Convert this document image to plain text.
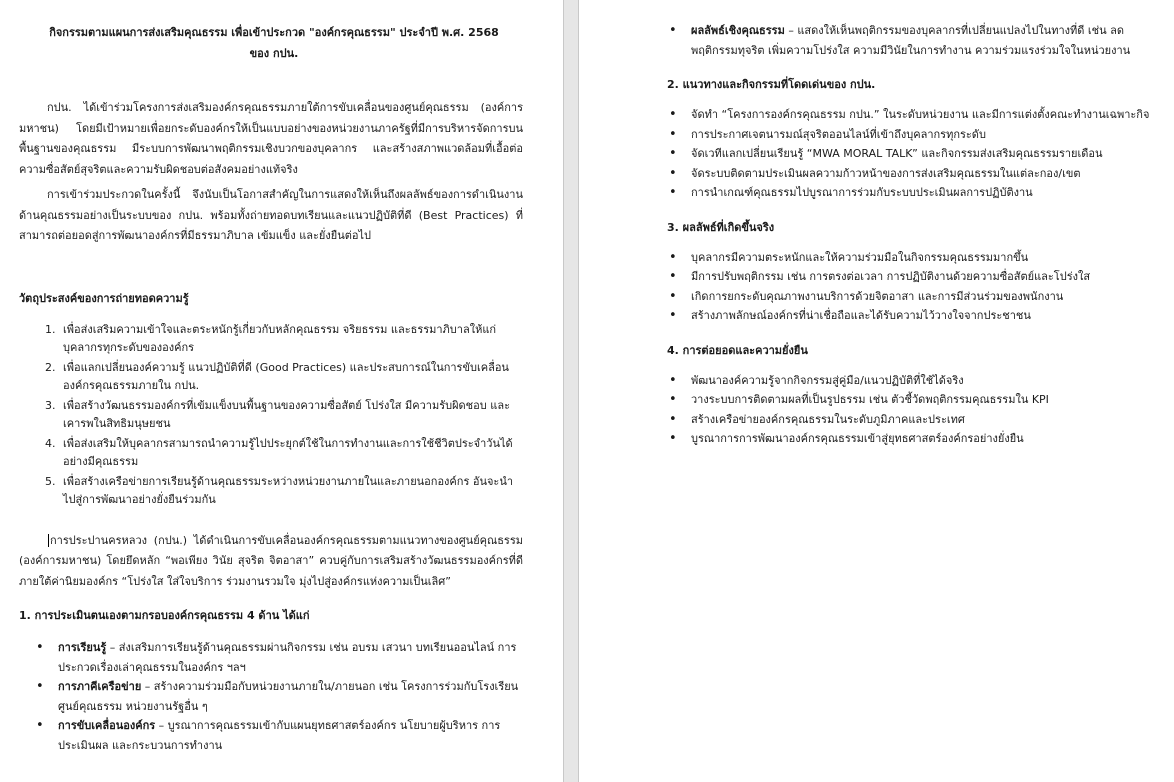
กิจกรรมตามแผนการส่งเสริมคุณธรรม เพื่อเข้าประกวด "องค์กรคุณธรรม" ประจำปี พ.ศ. 2568
ของ กปน.

กปน. ได้เข้าร่วมโครงการส่งเสริมองค์กรคุณธรรมภายใต้การขับเคลื่อนของศูนย์คุณธรรม (องค์การมหาชน) โดยมีเป้าหมายเพื่อยกระดับองค์กรให้เป็นแบบอย่างของหน่วยงานภาครัฐที่มีการบริหารจัดการบนพื้นฐานของคุณธรรม มีระบบการพัฒนาพฤติกรรมเชิงบวกของบุคลากร และสร้างสภาพแวดล้อมที่เอื้อต่อความซื่อสัตย์สุจริตและความรับผิดชอบต่อสังคมอย่างแท้จริง

การเข้าร่วมประกวดในครั้งนี้ จึงนับเป็นโอกาสสำคัญในการแสดงให้เห็นถึงผลลัพธ์ของการดำเนินงานด้านคุณธรรมอย่างเป็นระบบของ กปน. พร้อมทั้งถ่ายทอดบทเรียนและแนวปฏิบัติที่ดี (Best Practices) ที่สามารถต่อยอดสู่การพัฒนาองค์กรที่มีธรรมาภิบาล เข้มแข็ง และยั่งยืนต่อไป

วัตถุประสงค์ของการถ่ายทอดความรู้
1. เพื่อส่งเสริมความเข้าใจและตระหนักรู้เกี่ยวกับหลักคุณธรรม จริยธรรม และธรรมาภิบาลให้แก่บุคลากรทุกระดับขององค์กร
2. เพื่อแลกเปลี่ยนองค์ความรู้ แนวปฏิบัติที่ดี (Good Practices) และประสบการณ์ในการขับเคลื่อนองค์กรคุณธรรมภายใน กปน.
3. เพื่อสร้างวัฒนธรรมองค์กรที่เข้มแข็งบนพื้นฐานของความซื่อสัตย์ โปร่งใส มีความรับผิดชอบ และเคารพในสิทธิมนุษยชน
4. เพื่อส่งเสริมให้บุคลากรสามารถนำความรู้ไปประยุกต์ใช้ในการทำงานและการใช้ชีวิตประจำวันได้อย่างมีคุณธรรม
5. เพื่อสร้างเครือข่ายการเรียนรู้ด้านคุณธรรมระหว่างหน่วยงานภายในและภายนอกองค์กร อันจะนำไปสู่การพัฒนาอย่างยั่งยืนร่วมกัน

การประปานครหลวง (กปน.) ได้ดำเนินการขับเคลื่อนองค์กรคุณธรรมตามแนวทางของศูนย์คุณธรรม (องค์การมหาชน) โดยยึดหลัก “พอเพียง วินัย สุจริต จิตอาสา” ควบคู่กับการเสริมสร้างวัฒนธรรมองค์กรที่ดี ภายใต้ค่านิยมองค์กร “โปร่งใส ใส่ใจบริการ ร่วมงานรวมใจ มุ่งไปสู่องค์กรแห่งความเป็นเลิศ”

1. การประเมินตนเองตามกรอบองค์กรคุณธรรม 4 ด้าน ได้แก่
• การเรียนรู้ – ส่งเสริมการเรียนรู้ด้านคุณธรรมผ่านกิจกรรม เช่น อบรม เสวนา บทเรียนออนไลน์ การประกวดเรื่องเล่าคุณธรรมในองค์กร ฯลฯ
• การภาคีเครือข่าย – สร้างความร่วมมือกับหน่วยงานภายใน/ภายนอก เช่น โครงการร่วมกับโรงเรียน ศูนย์คุณธรรม หน่วยงานรัฐอื่น ๆ
• การขับเคลื่อนองค์กร – บูรณาการคุณธรรมเข้ากับแผนยุทธศาสตร์องค์กร นโยบายผู้บริหาร การประเมินผล และกระบวนการทำงาน
• ผลลัพธ์เชิงคุณธรรม – แสดงให้เห็นพฤติกรรมของบุคลากรที่เปลี่ยนแปลงไปในทางที่ดี เช่น ลดพฤติกรรมทุจริต เพิ่มความโปร่งใส ความมีวินัยในการทำงาน ความร่วมแรงร่วมใจในหน่วยงาน
2. แนวทางและกิจกรรมที่โดดเด่นของ กปน.
• จัดทำ “โครงการองค์กรคุณธรรม กปน.” ในระดับหน่วยงาน และมีการแต่งตั้งคณะทำงานเฉพาะกิจ
• การประกาศเจตนารมณ์สุจริตออนไลน์ที่เข้าถึงบุคลากรทุกระดับ
• จัดเวทีแลกเปลี่ยนเรียนรู้ “MWA MORAL TALK” และกิจกรรมส่งเสริมคุณธรรมรายเดือน
• จัดระบบติดตามประเมินผลความก้าวหน้าของการส่งเสริมคุณธรรมในแต่ละกอง/เขต
• การนำเกณฑ์คุณธรรมไปบูรณาการร่วมกับระบบประเมินผลการปฏิบัติงาน
3. ผลลัพธ์ที่เกิดขึ้นจริง
• บุคลากรมีความตระหนักและให้ความร่วมมือในกิจกรรมคุณธรรมมากขึ้น
• มีการปรับพฤติกรรม เช่น การตรงต่อเวลา การปฏิบัติงานด้วยความซื่อสัตย์และโปร่งใส
• เกิดการยกระดับคุณภาพงานบริการด้วยจิตอาสา และการมีส่วนร่วมของพนักงาน
• สร้างภาพลักษณ์องค์กรที่น่าเชื่อถือและได้รับความไว้วางใจจากประชาชน
4. การต่อยอดและความยั่งยืน
• พัฒนาองค์ความรู้จากกิจกรรมสู่คู่มือ/แนวปฏิบัติที่ใช้ได้จริง
• วางระบบการติดตามผลที่เป็นรูปธรรม เช่น ตัวชี้วัดพฤติกรรมคุณธรรมใน KPI
• สร้างเครือข่ายองค์กรคุณธรรมในระดับภูมิภาคและประเทศ
• บูรณาการการพัฒนาองค์กรคุณธรรมเข้าสู่ยุทธศาสตร์องค์กรอย่างยั่งยืน
